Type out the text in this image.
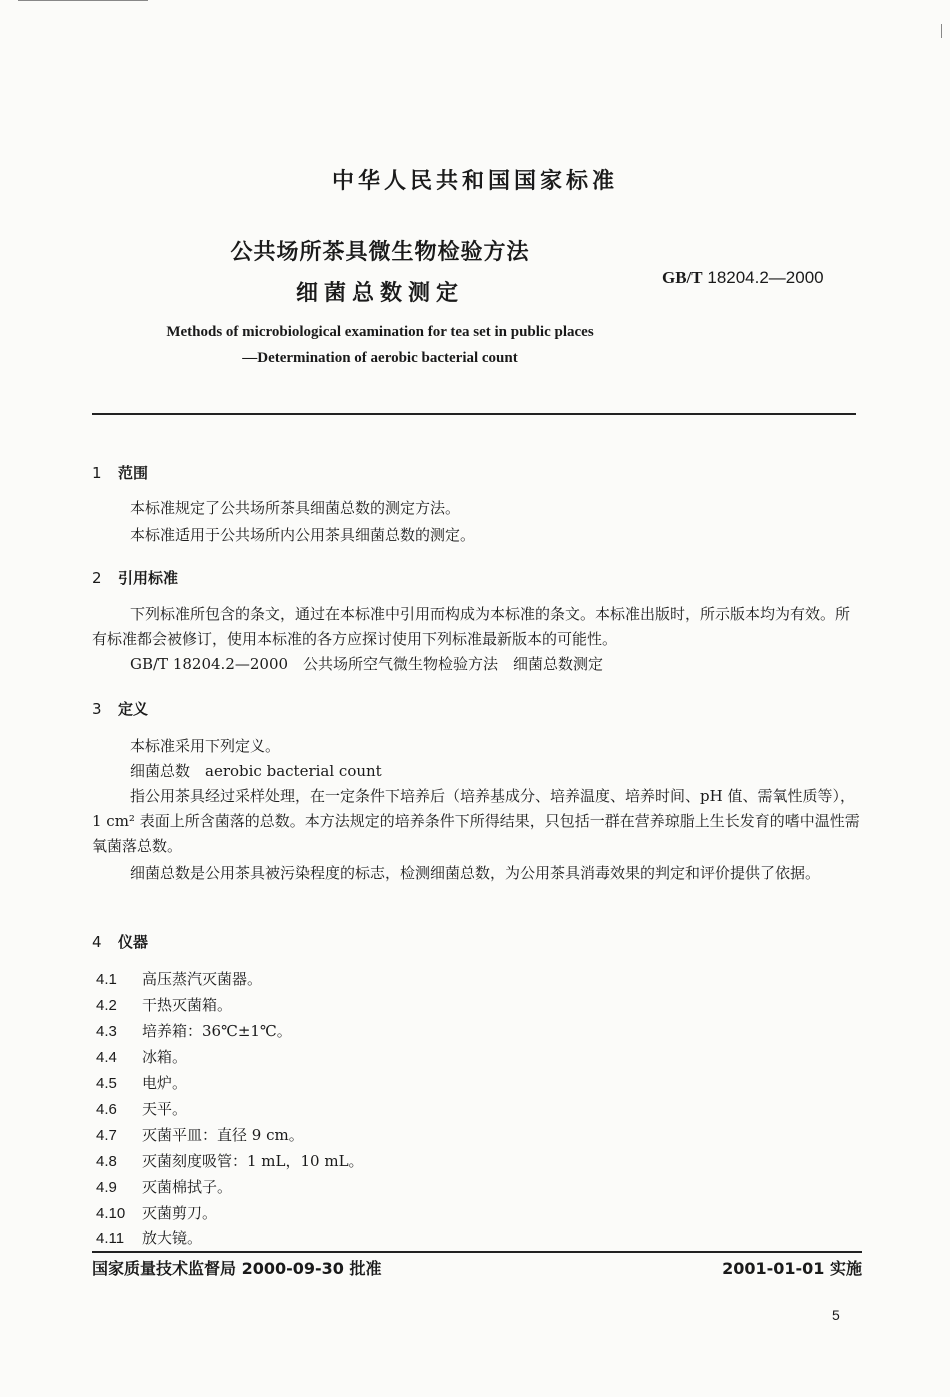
中华人民共和国国家标准
公共场所茶具微生物检验方法
细菌总数测定
GB/T 18204.2—2000
Methods of microbiological examination for tea set in public places
—Determination of aerobic bacterial count
1 范围
本标准规定了公共场所茶具细菌总数的测定方法。
本标准适用于公共场所内公用茶具细菌总数的测定。
2 引用标准
下列标准所包含的条文，通过在本标准中引用而构成为本标准的条文。本标准出版时，所示版本均为有效。所有标准都会被修订，使用本标准的各方应探讨使用下列标准最新版本的可能性。
GB/T 18204.2—2000　公共场所空气微生物检验方法　细菌总数测定
3 定义
本标准采用下列定义。
细菌总数　aerobic bacterial count
指公用茶具经过采样处理，在一定条件下培养后（培养基成分、培养温度、培养时间、pH 值、需氧性质等），1 cm² 表面上所含菌落的总数。本方法规定的培养条件下所得结果，只包括一群在营养琼脂上生长发育的嗜中温性需氧菌落总数。
细菌总数是公用茶具被污染程度的标志，检测细菌总数，为公用茶具消毒效果的判定和评价提供了依据。
4 仪器
4.1 高压蒸汽灭菌器。
4.2 干热灭菌箱。
4.3 培养箱：36℃±1℃。
4.4 冰箱。
4.5 电炉。
4.6 天平。
4.7 灭菌平皿：直径 9 cm。
4.8 灭菌刻度吸管：1 mL，10 mL。
4.9 灭菌棉拭子。
4.10 灭菌剪刀。
4.11 放大镜。
国家质量技术监督局 2000-09-30 批准	2001-01-01 实施
5
